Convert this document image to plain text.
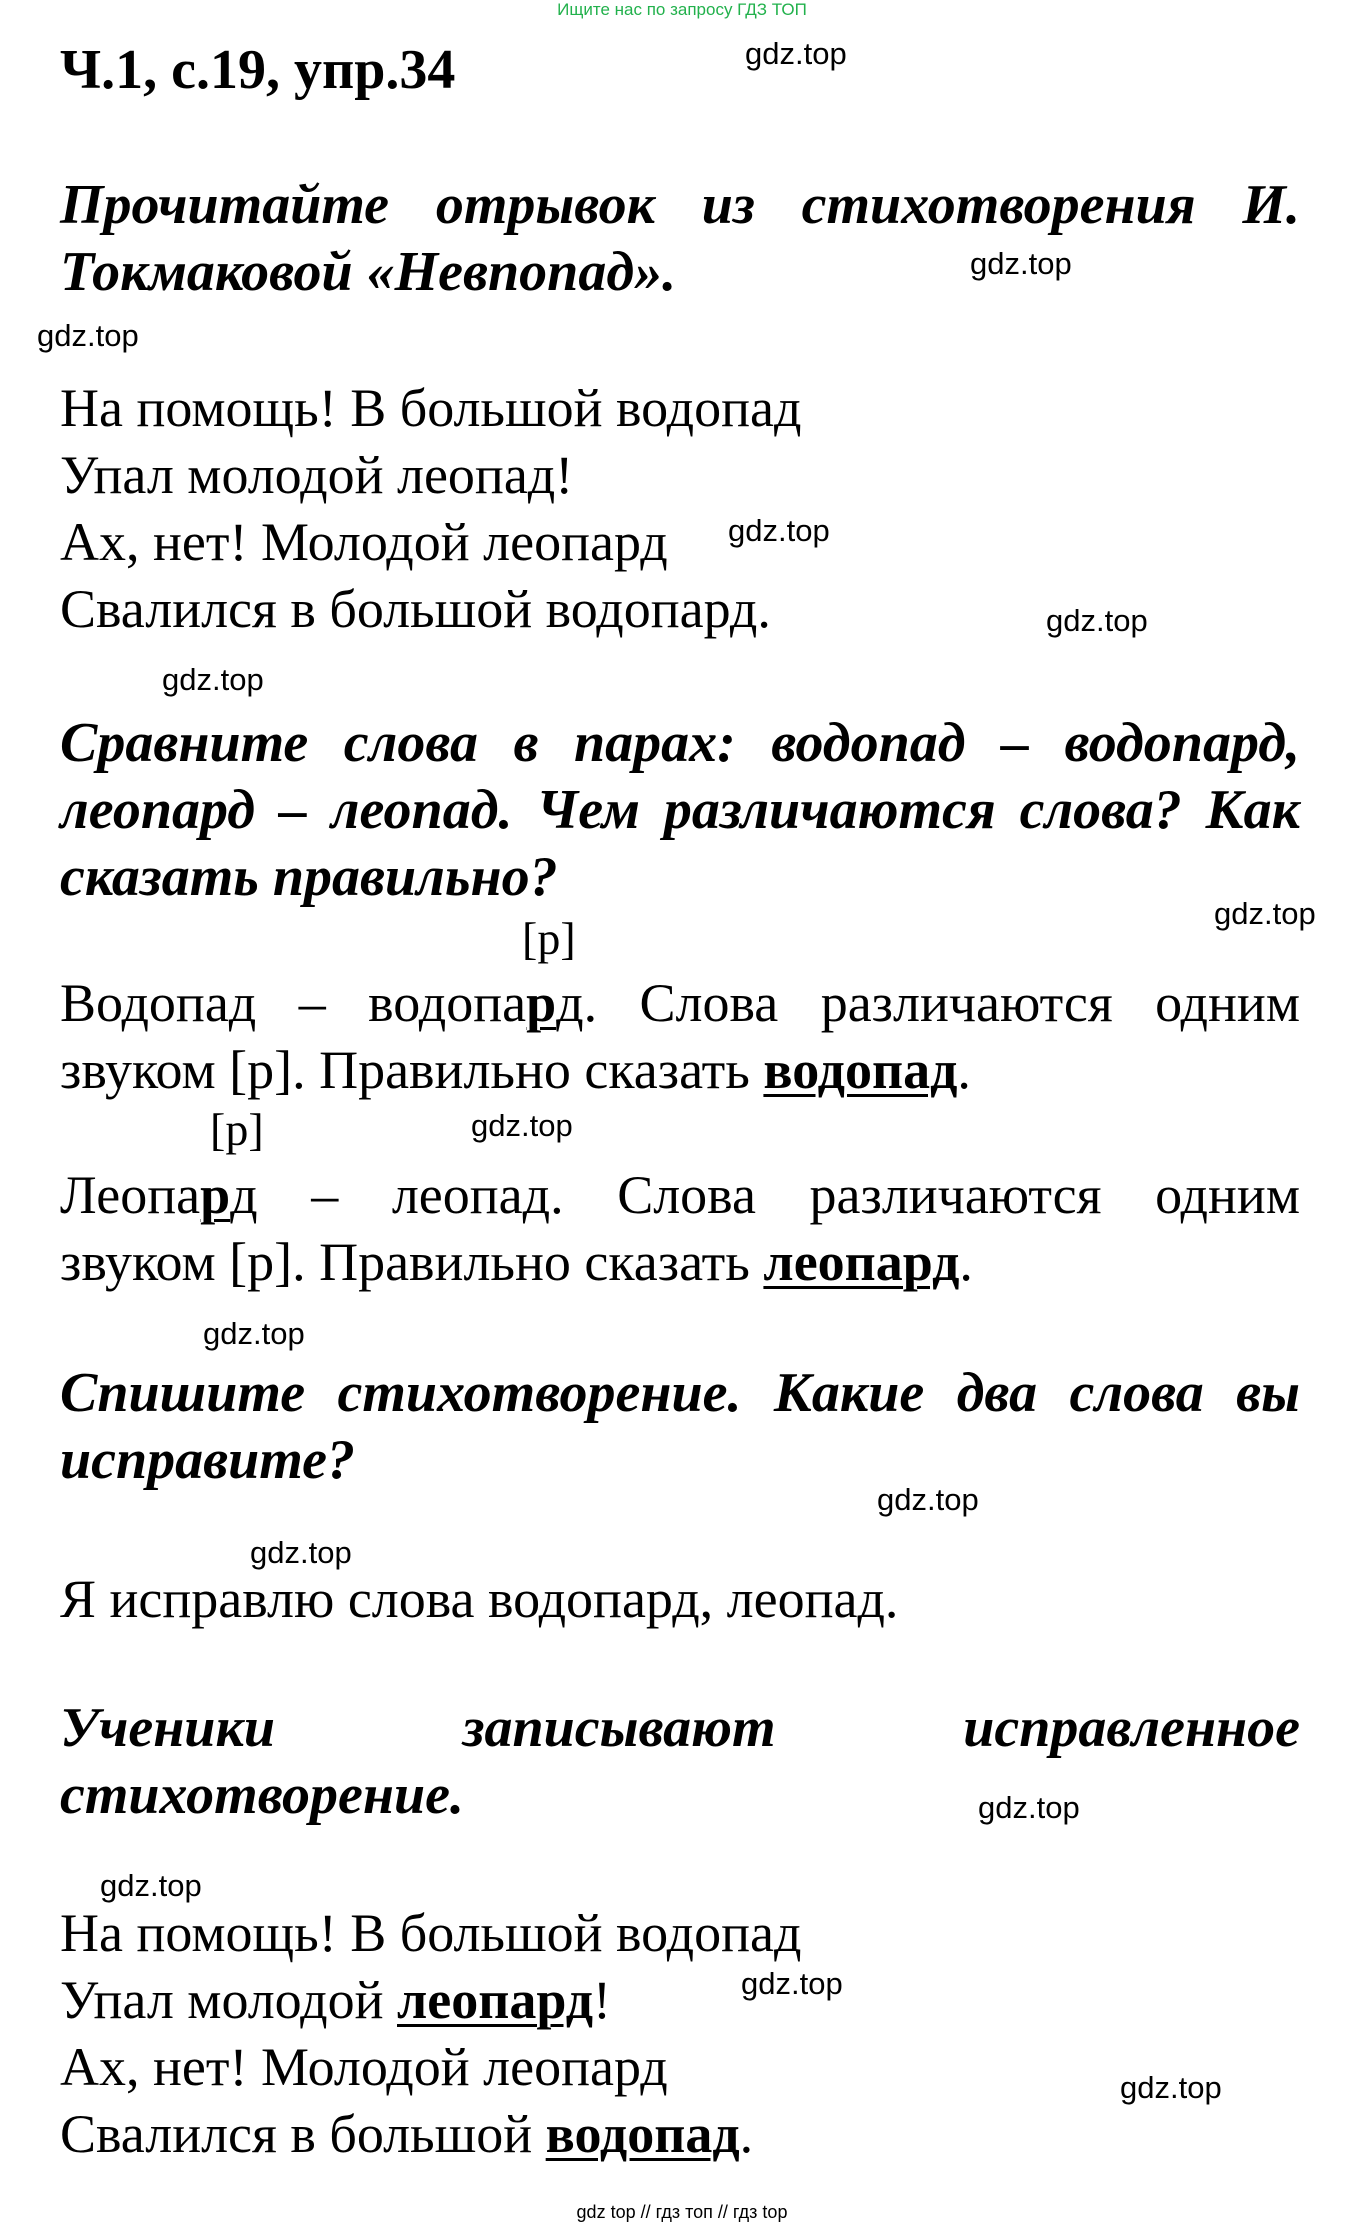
Ищите нас по запросу ГДЗ ТОП
Ч.1, с.19, упр.34	gdz.top
gdz.top
gdz.top
gdz.top
gdz.top
gdz.top
gdz.top
gdz.top
gdz.top
gdz.top
gdz.top
gdz.top
gdz.top
gdz.top
gdz.top
Прочитайте отрывок из стихотворения И. Токмаковой «Невпопад».
На помощь! В большой водопад
Упал молодой леопад!
Ах, нет! Молодой леопард
Свалился в большой водопард.
Сравните слова в парах: водопад – водопард, леопард – леопад. Чем различаются слова? Как сказать правильно?
[р]
Водопад – водопард. Слова различаются одним
звуком [р]. Правильно сказать водопад.
[р]
Леопард – леопад. Слова различаются одним
звуком [р]. Правильно сказать леопард.
Спишите стихотворение. Какие два слова вы исправите?
Я исправлю слова водопард, леопад.
Ученики записывают исправленное стихотворение.
На помощь! В большой водопад
Упал молодой леопард!
Ах, нет! Молодой леопард
Свалился в большой водопад.
gdz top // гдз топ // гдз top
